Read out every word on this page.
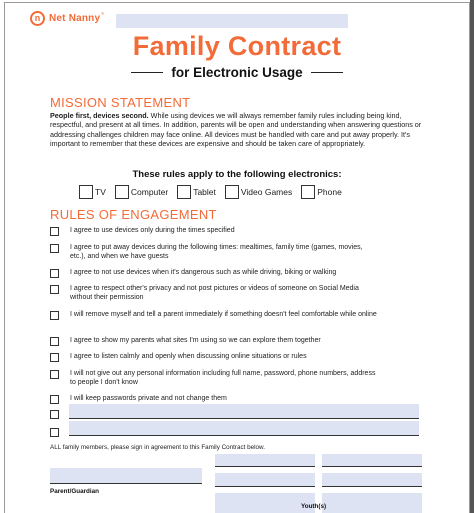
n Net Nanny ®
Family Contract
for Electronic Usage
MISSION STATEMENT
People first, devices second. While using devices we will always remember family rules including being kind, respectful, and present at all times. In addition, parents will be open and understanding when answering questions or addressing challenges children may face online. All devices must be handled with care and put away properly. It's important to remember that these devices are expensive and should be taken care of appropriately.
These rules apply to the following electronics:
TV	Computer	Tablet	Video Games	Phone
RULES OF ENGAGEMENT
I agree to use devices only during the times specified
I agree to put away devices during the following times: mealtimes, family time (games, movies, etc.), and when we have guests
I agree to not use devices when it's dangerous such as while driving, biking or walking
I agree to respect other's privacy and not post pictures or videos of someone on Social Media without their permission
I will remove myself and tell a parent immediately if something doesn't feel comfortable while online
I agree to show my parents what sites I'm using so we can explore them together
I agree to listen calmly and openly when discussing online situations or rules
I will not give out any personal information including full name, password, phone numbers, address to people I don't know
I will keep passwords private and not change them
ALL family members, please sign in agreement to this Family Contract below.
Parent/Guardian
Youth(s)
